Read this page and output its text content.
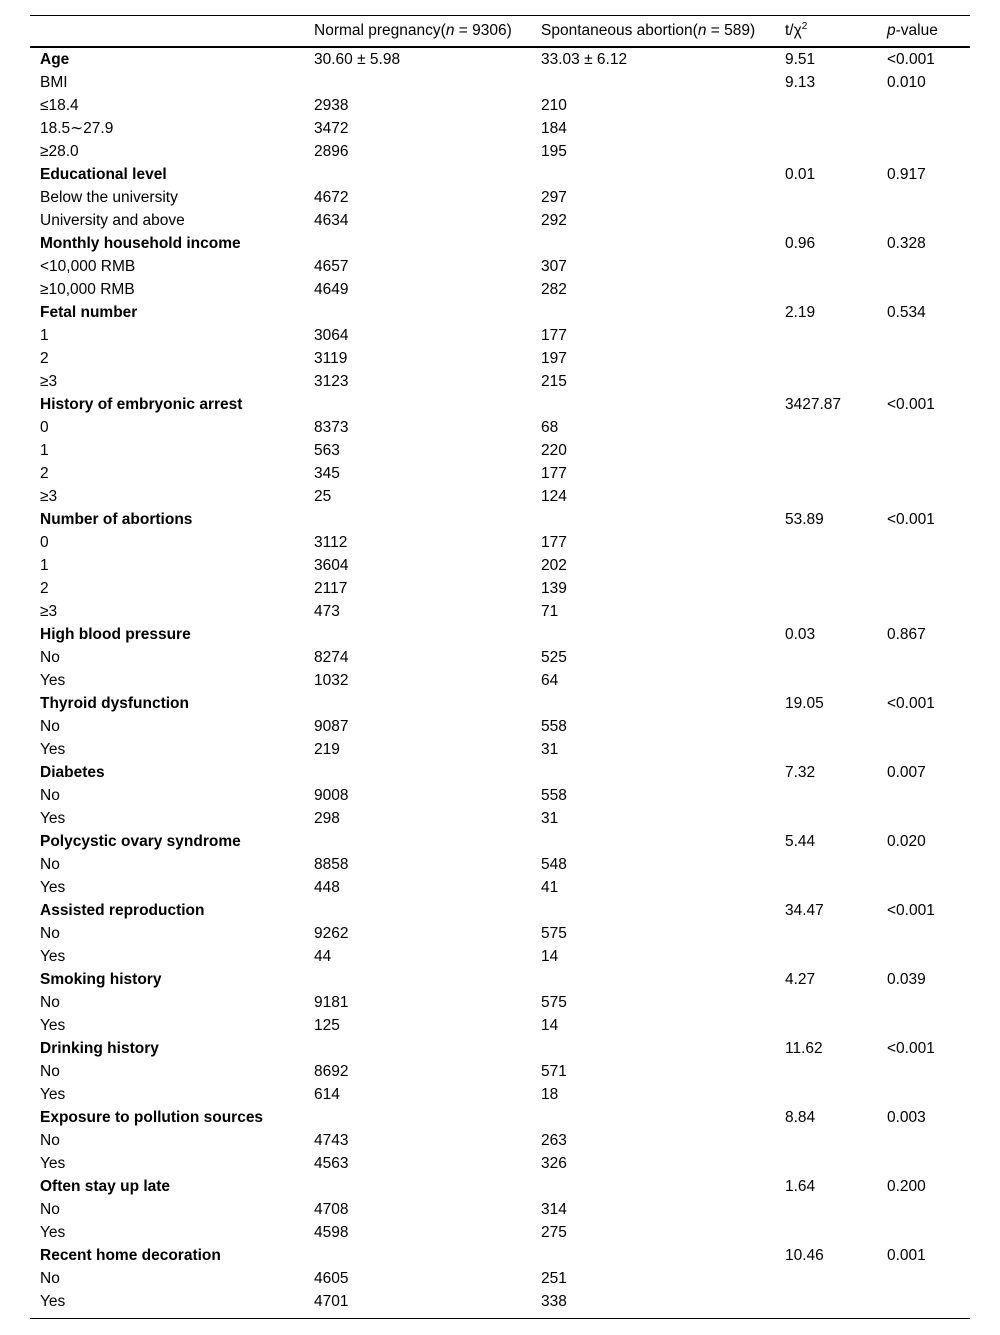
	Normal pregnancy(n = 9306)	Spontaneous abortion(n = 589)	$t/\chi^2$	p-value
Age	30.60 ± 5.98	33.03 ± 6.12	9.51	<0.001
BMI			9.13	0.010
≤18.4	2938	210		
18.5∼27.9	3472	184		
≥28.0	2896	195		
Educational level			0.01	0.917
Below the university	4672	297		
University and above	4634	292		
Monthly household income			0.96	0.328
<10,000 RMB	4657	307		
≥10,000 RMB	4649	282		
Fetal number			2.19	0.534
1	3064	177		
2	3119	197		
≥3	3123	215		
History of embryonic arrest			3427.87	<0.001
0	8373	68		
1	563	220		
2	345	177		
≥3	25	124		
Number of abortions			53.89	<0.001
0	3112	177		
1	3604	202		
2	2117	139		
≥3	473	71		
High blood pressure			0.03	0.867
No	8274	525		
Yes	1032	64		
Thyroid dysfunction			19.05	<0.001
No	9087	558		
Yes	219	31		
Diabetes			7.32	0.007
No	9008	558		
Yes	298	31		
Polycystic ovary syndrome			5.44	0.020
No	8858	548		
Yes	448	41		
Assisted reproduction			34.47	<0.001
No	9262	575		
Yes	44	14		
Smoking history			4.27	0.039
No	9181	575		
Yes	125	14		
Drinking history			11.62	<0.001
No	8692	571		
Yes	614	18		
Exposure to pollution sources			8.84	0.003
No	4743	263		
Yes	4563	326		
Often stay up late			1.64	0.200
No	4708	314		
Yes	4598	275		
Recent home decoration			10.46	0.001
No	4605	251		
Yes	4701	338		
